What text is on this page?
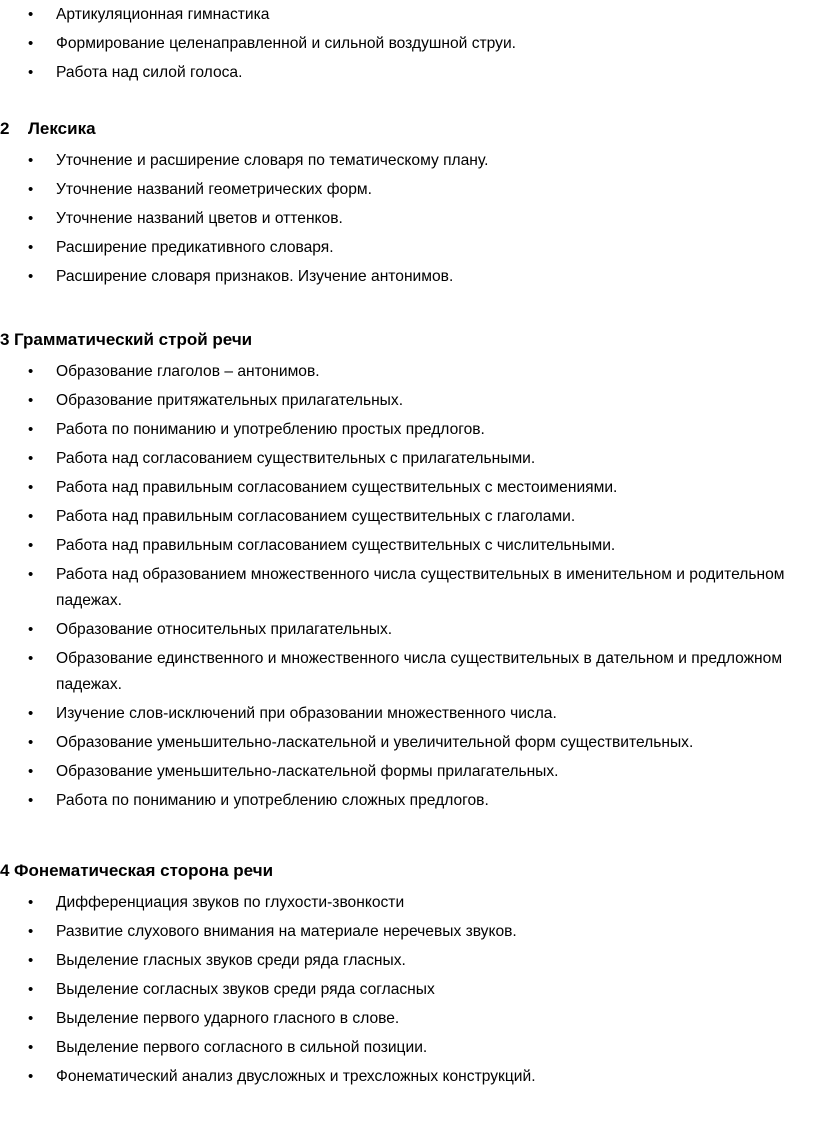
• Артикуляционная гимнастика
• Формирование целенаправленной и сильной воздушной струи.
• Работа над силой голоса.
2 Лексика
• Уточнение и расширение словаря по тематическому плану.
• Уточнение названий геометрических форм.
• Уточнение названий цветов и оттенков.
• Расширение предикативного словаря.
• Расширение словаря признаков. Изучение антонимов.
3 Грамматический строй речи
• Образование глаголов – антонимов.
• Образование притяжательных прилагательных.
• Работа по пониманию и употреблению простых предлогов.
• Работа над согласованием существительных с прилагательными.
• Работа над правильным согласованием существительных с местоимениями.
• Работа над правильным согласованием существительных с глаголами.
• Работа над правильным согласованием существительных с числительными.
• Работа над образованием множественного числа существительных в именительном и родительном падежах.
• Образование относительных прилагательных.
• Образование единственного и множественного числа существительных в дательном и предложном падежах.
• Изучение слов-исключений при образовании множественного числа.
• Образование уменьшительно-ласкательной и увеличительной форм существительных.
• Образование уменьшительно-ласкательной формы прилагательных.
• Работа по пониманию и употреблению сложных предлогов.
4 Фонематическая сторона речи
• Дифференциация звуков по глухости-звонкости
• Развитие слухового внимания на материале неречевых звуков.
• Выделение гласных звуков среди ряда гласных.
• Выделение согласных звуков среди ряда согласных
• Выделение первого ударного гласного в слове.
• Выделение первого согласного в сильной позиции.
• Фонематический анализ двусложных и трехсложных конструкций.
